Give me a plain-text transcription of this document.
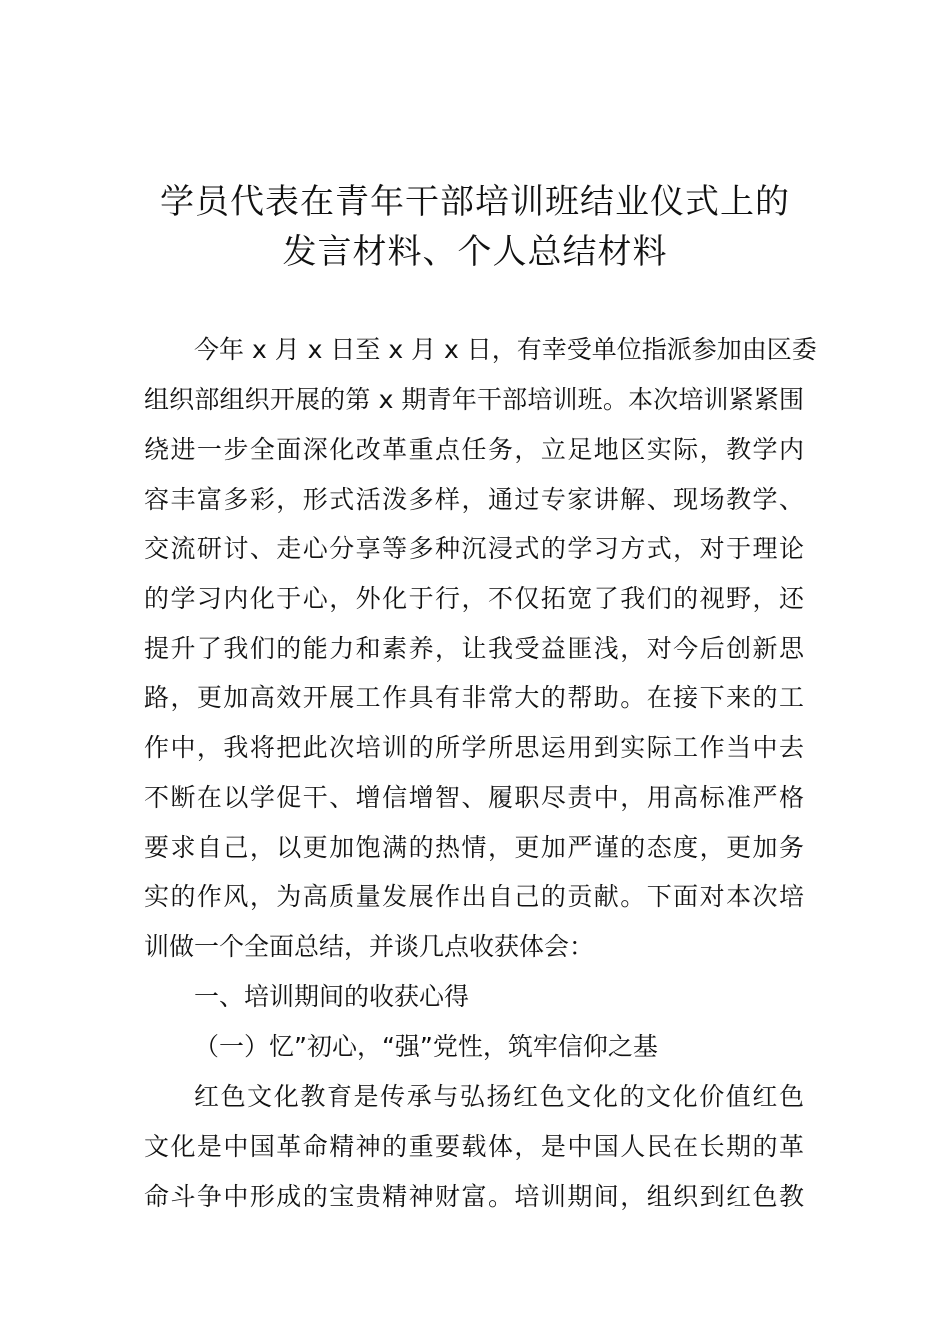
学员代表在青年干部培训班结业仪式上的
发言材料、个人总结材料
今年 x 月 x 日至 x 月 x 日，有幸受单位指派参加由区委
组织部组织开展的第 x 期青年干部培训班。本次培训紧紧围
绕进一步全面深化改革重点任务，立足地区实际，教学内
容丰富多彩，形式活泼多样，通过专家讲解、现场教学、
交流研讨、走心分享等多种沉浸式的学习方式，对于理论
的学习内化于心，外化于行，不仅拓宽了我们的视野，还
提升了我们的能力和素养，让我受益匪浅，对今后创新思
路，更加高效开展工作具有非常大的帮助。在接下来的工
作中，我将把此次培训的所学所思运用到实际工作当中去
不断在以学促干、增信增智、履职尽责中，用高标准严格
要求自己，以更加饱满的热情，更加严谨的态度，更加务
实的作风，为高质量发展作出自己的贡献。下面对本次培
训做一个全面总结，并谈几点收获体会：
一、培训期间的收获心得
（一）忆”初心，“强”党性，筑牢信仰之基
红色文化教育是传承与弘扬红色文化的文化价值红色
文化是中国革命精神的重要载体，是中国人民在长期的革
命斗争中形成的宝贵精神财富。培训期间，组织到红色教
